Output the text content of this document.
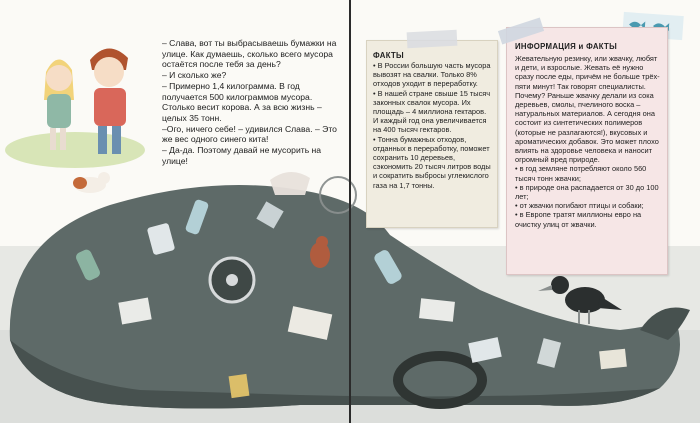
– Слава, вот ты выбрасываешь бумажки на улице. Как думаешь, сколько всего мусора остаётся после тебя за день?

– И сколько же?

– Примерно 1,4 килограмма. В год получается 500 килограммов мусора. Столько весит корова. А за всю жизнь – целых 35 тонн.

–Ого, ничего себе! – удивился Слава. – Это же вес одного синего кита!

– Да-да. Поэтому давай не мусорить на улице!

ФАКТЫ

• В России большую часть мусора вывозят на свалки. Только 8% отходов уходит в переработку.

• В нашей стране свыше 15 тысяч законных свалок мусора. Их площадь – 4 миллиона гектаров. И каждый год она увеличивается на 400 тысяч гектаров.

• Тонна бумажных отходов, отданных в переработку, поможет сохранить 10 деревьев, сэкономить 20 тысяч литров воды и сократить выбросы углекислого газа на 1,7 тонны.

ИНФОРМАЦИЯ и ФАКТЫ

Жевательную резинку, или жвачку, любят и дети, и взрослые. Жевать её нужно сразу после еды, причём не больше трёх-пяти минут! Так говорят специалисты. Почему? Раньше жвачку делали из сока деревьев, смолы, пчелиного воска – натуральных материалов. А сегодня она состоит из синтетических полимеров (которые не разлагаются!), вкусовых и ароматических добавок. Это может плохо влиять на здоровье человека и наносит огромный вред природе.

• в год земляне потребляют около 560 тысяч тонн жвачки;

• в природе она распадается от 30 до 100 лет;

• от жвачки погибают птицы и собаки;

• в Европе тратят миллионы евро на очистку улиц от жвачки.
